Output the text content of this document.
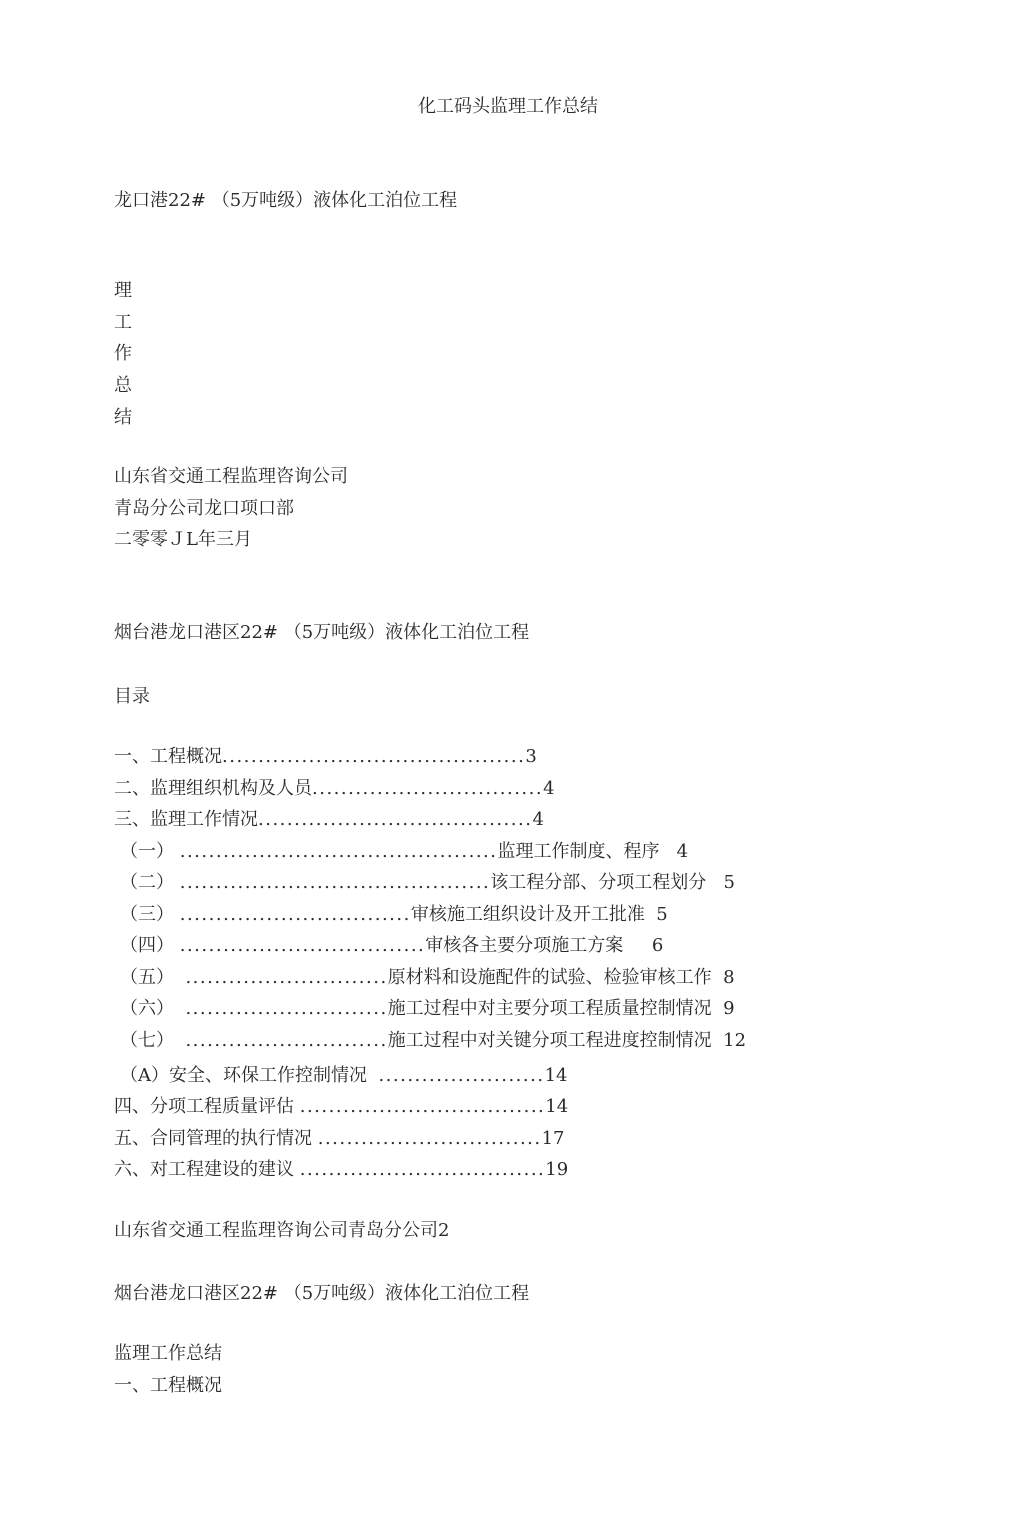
化工码头监理工作总结
龙口港22# （5万吨级）液体化工泊位工程
理
工
作
总
结
山东省交通工程监理咨询公司
青岛分公司龙口项口部
二零零ＪL年三月
烟台港龙口港区22# （5万吨级）液体化工泊位工程
目录
一、工程概况..........................................3
二、监理组织机构及人员................................4
三、监理工作情况......................................4
（一） ............................................监理工作制度、程序 4
（二） ...........................................该工程分部、分项工程划分 5
（三） ................................审核施工组织设计及开工批准 5
（四） ..................................审核各主要分项施工方案 6
（五） ............................原材料和设施配件的试验、检验审核工作 8
（六） ............................施工过程中对主要分项工程质量控制情况 9
（七） ............................施工过程中对关键分项工程进度控制情况 12
（A）安全、环保工作控制情况 .......................14
四、分项工程质量评估 ..................................14
五、合同管理的执行情况 ...............................17
六、对工程建设的建议 ..................................19
山东省交通工程监理咨询公司青岛分公司2
烟台港龙口港区22# （5万吨级）液体化工泊位工程
监理工作总结
一、工程概况
